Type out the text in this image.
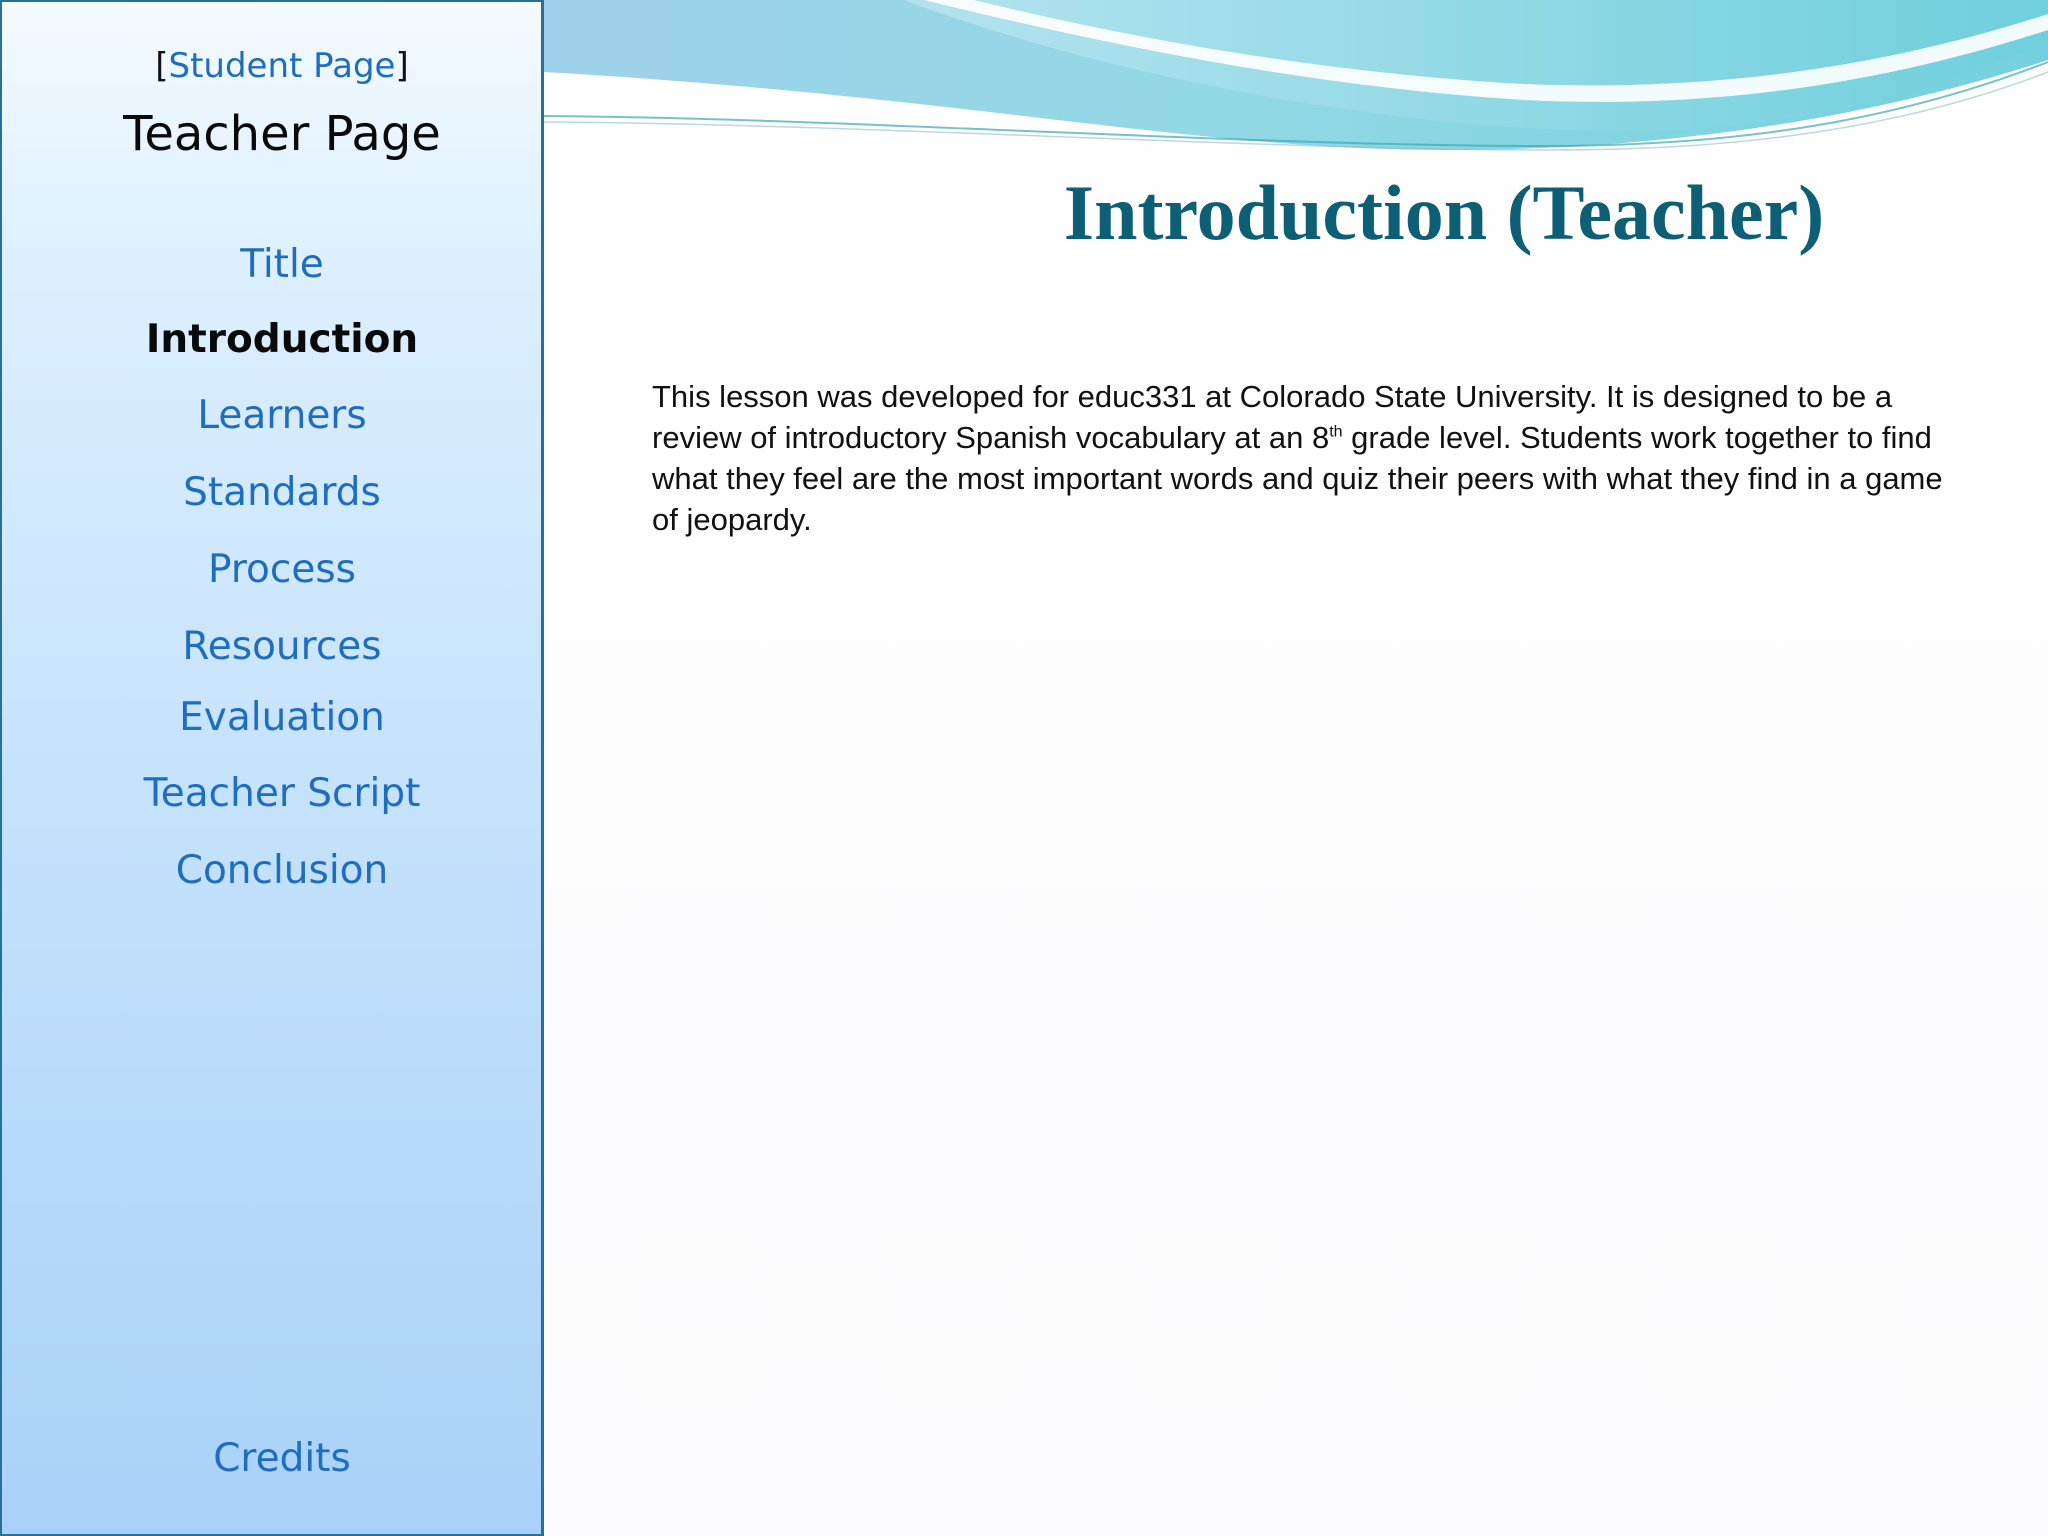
[Student Page]
Teacher Page
Title
Introduction
Learners
Standards
Process
Resources
Evaluation
Teacher Script
Conclusion
Credits
Introduction (Teacher)

This lesson was developed for educ331 at Colorado State University. It is designed to be a review of introductory Spanish vocabulary at an 8th grade level. Students work together to find what they feel are the most important words and quiz their peers with what they find in a game of jeopardy.
